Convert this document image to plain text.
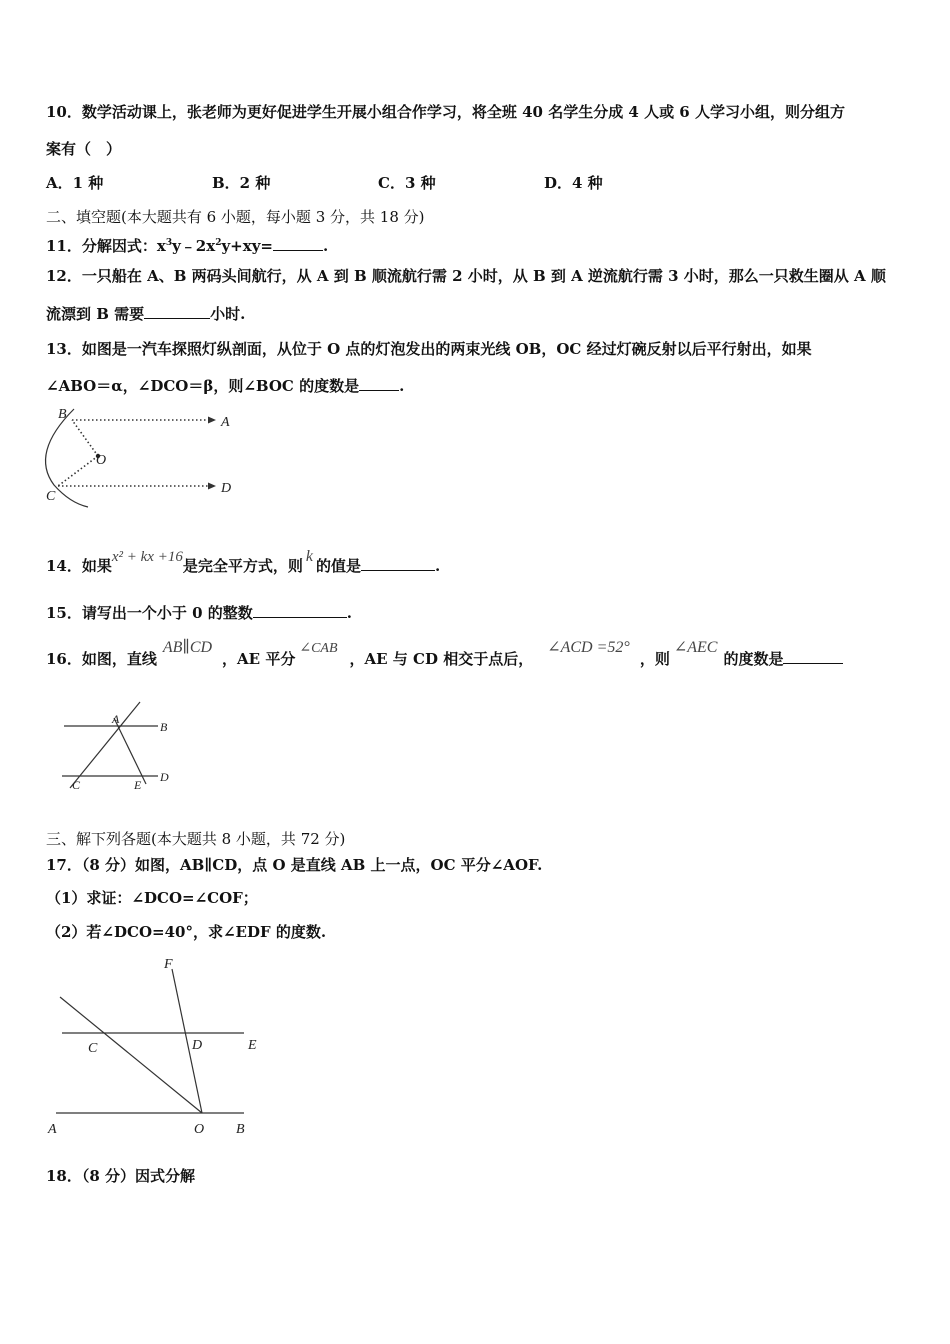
10．数学活动课上，张老师为更好促进学生开展小组合作学习，将全班 40 名学生分成 4 人或 6 人学习小组，则分组方
案有（　）
A．1 种	B．2 种	C．3 种	D．4 种
二、填空题(本大题共有 6 小题，每小题 3 分，共 18 分)
11．分解因式：$x^3y﹣2x^2y+xy=$	.
12．一只船在 A、B 两码头间航行，从 A 到 B 顺流航行需 2 小时，从 B 到 A 逆流航行需 3 小时，那么一只救生圈从 A 顺
流漂到 B 需要	小时.
13．如图是一汽车探照灯纵剖面，从位于 O 点的灯泡发出的两束光线 OB，OC 经过灯碗反射以后平行射出，如果
∠ABO＝α，∠DCO＝β，则∠BOC 的度数是	.
B
A
O
C
D
14．如果x² + kx +16是完全平方式，则k的值是	.
15．请写出一个小于 0 的整数	.
16．如图，直线AB∥CD，AE 平分∠CAB，AE 与 CD 相交于点后，∠ACD =52°，则∠AEC的度数是
A
B
C	E
D
三、解下列各题(本大题共 8 小题，共 72 分)
17．（8 分）如图，AB∥CD，点 O 是直线 AB 上一点，OC 平分∠AOF.
（1）求证：∠DCO=∠COF；
（2）若∠DCO=40°，求∠EDF 的度数.
F
C	D	E
A	O B
18．（8 分）因式分解
